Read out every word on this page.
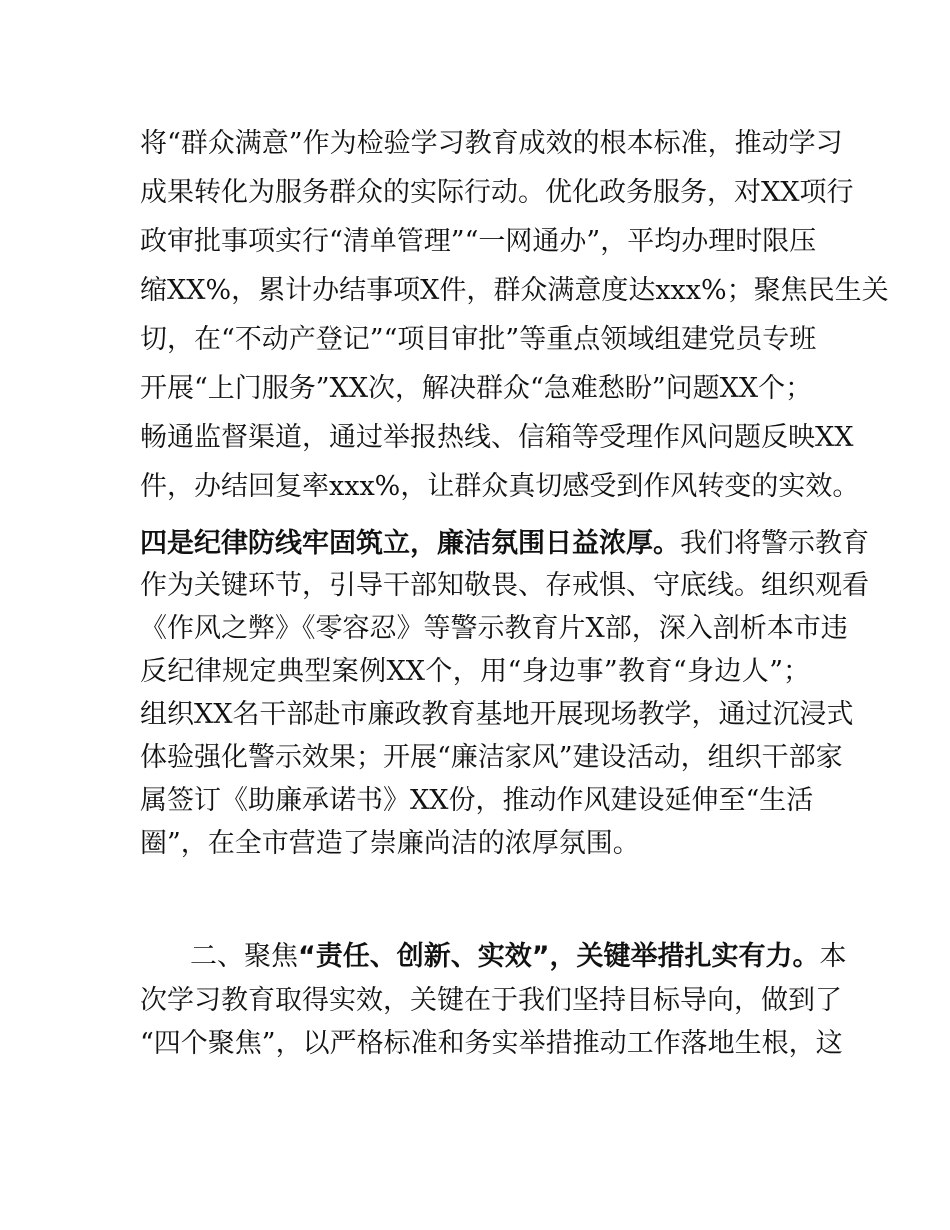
将“群众满意”作为检验学习教育成效的根本标准，推动学习
成果转化为服务群众的实际行动。优化政务服务，对XX项行
政审批事项实行“清单管理”“一网通办”，平均办理时限压
缩XX%，累计办结事项X件，群众满意度达xxx%；聚焦民生关
切，在“不动产登记”“项目审批”等重点领域组建党员专班
开展“上门服务”XX次，解决群众“急难愁盼”问题XX个；
畅通监督渠道，通过举报热线、信箱等受理作风问题反映XX
件，办结回复率xxx%，让群众真切感受到作风转变的实效。
四是纪律防线牢固筑立，廉洁氛围日益浓厚。我们将警示教育
作为关键环节，引导干部知敬畏、存戒惧、守底线。组织观看
《作风之弊》《零容忍》等警示教育片X部，深入剖析本市违
反纪律规定典型案例XX个，用“身边事”教育“身边人”；
组织XX名干部赴市廉政教育基地开展现场教学，通过沉浸式
体验强化警示效果；开展“廉洁家风”建设活动，组织干部家
属签订《助廉承诺书》XX份，推动作风建设延伸至“生活
圈”，在全市营造了崇廉尚洁的浓厚氛围。
二、聚焦“责任、创新、实效”，关键举措扎实有力。本
次学习教育取得实效，关键在于我们坚持目标导向，做到了
“四个聚焦”，以严格标准和务实举措推动工作落地生根，这
